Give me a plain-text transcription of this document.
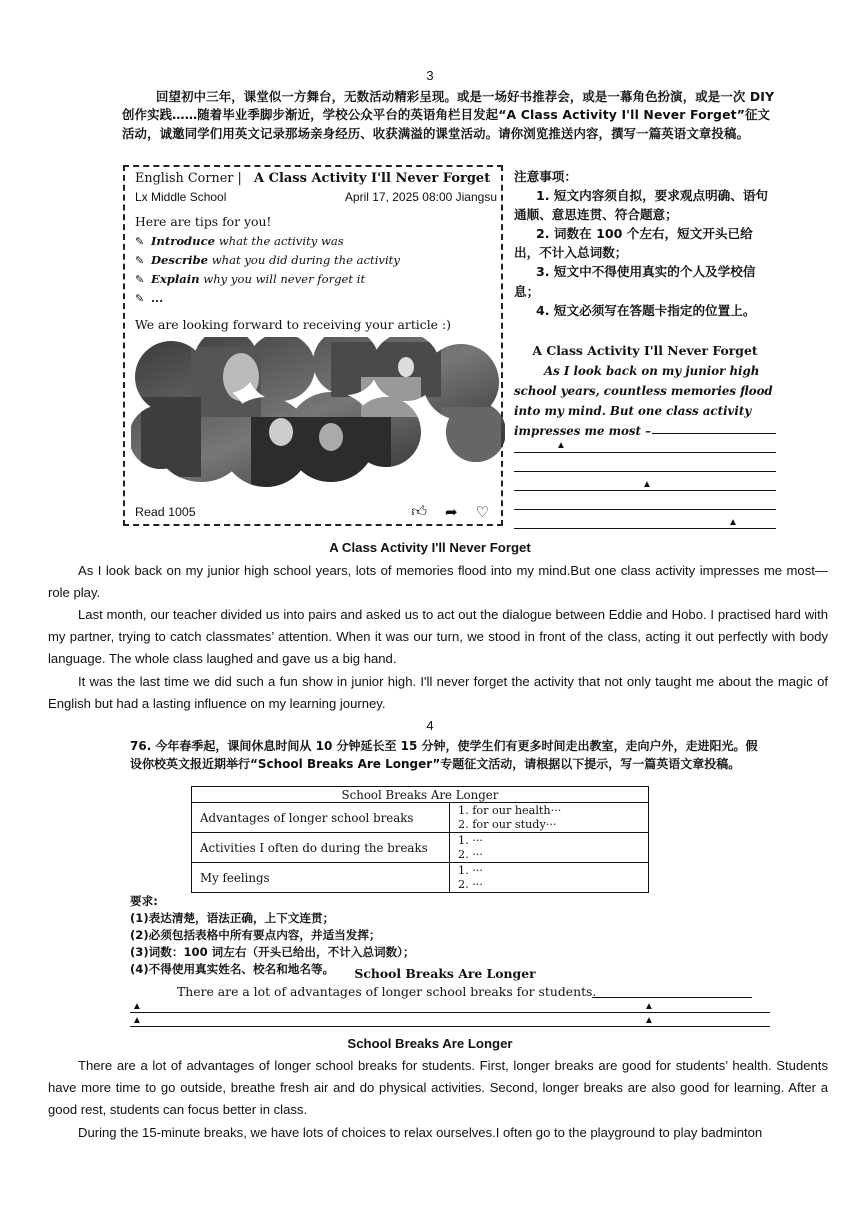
3
回望初中三年，课堂似一方舞台，无数活动精彩呈现。或是一场好书推荐会，或是一幕角色扮演，或是一次 DIY 创作实践……随着毕业季脚步渐近，学校公众平台的英语角栏目发起“A Class Activity I'll Never Forget”征文活动，诚邀同学们用英文记录那场亲身经历、收获满溢的课堂活动。请你浏览推送内容，撰写一篇英语文章投稿。
English Corner | A Class Activity I'll Never Forget
Lx Middle School	April 17, 2025 08:00 Jiangsu
Here are tips for you!
✎ Introduce what the activity was
✎ Describe what you did during the activity
✎ Explain why you will never forget it
✎ ...
We are looking forward to receiving your article :)
Read 1005	👍︎ ➦ ♡
注意事项：
1. 短文内容须自拟，要求观点明确、语句通顺、意思连贯、符合题意；
2. 词数在 100 个左右，短文开头已给出，不计入总词数；
3. 短文中不得使用真实的个人及学校信息；
4. 短文必须写在答题卡指定的位置上。
A Class Activity I'll Never Forget
As I look back on my junior high school years, countless memories flood into my mind. But one class activity impresses me most –
▲
▲
▲
A Class Activity I'll Never Forget
As I look back on my junior high school years, lots of memories flood into my mind.But one class activity impresses me most—role play.
Last month, our teacher divided us into pairs and asked us to act out the dialogue between Eddie and Hobo. I practised hard with my partner, trying to catch classmates’ attention. When it was our turn, we stood in front of the class, acting it out perfectly with body language. The whole class laughed and gave us a big hand.
It was the last time we did such a fun show in junior high. I'll never forget the activity that not only taught me about the magic of English but had a lasting influence on my learning journey.
4
76. 今年春季起，课间休息时间从 10 分钟延长至 15 分钟，使学生们有更多时间走出教室，走向户外，走进阳光。假设你校英文报近期举行“School Breaks Are Longer”专题征文活动，请根据以下提示，写一篇英语文章投稿。
School Breaks Are Longer	
Advantages of longer school breaks	1. for our health···
2. for our study···

Activities I often do during the breaks	1. ···
2. ···

My feelings	1. ···
2. ···
要求:
(1)表达清楚，语法正确，上下文连贯；
(2)必须包括表格中所有要点内容，并适当发挥；
(3)词数：100 词左右（开头已给出，不计入总词数）；
(4)不得使用真实姓名、校名和地名等。	School Breaks Are Longer
There are a lot of advantages of longer school breaks for students.
▲	▲
▲	▲
School Breaks Are Longer
There are a lot of advantages of longer school breaks for students. First, longer breaks are good for students’ health. Students have more time to go outside, breathe fresh air and do physical activities. Second, longer breaks are also good for learning. After a good rest, students can focus better in class.
During the 15-minute breaks, we have lots of choices to relax ourselves.I often go to the playground to play badminton
